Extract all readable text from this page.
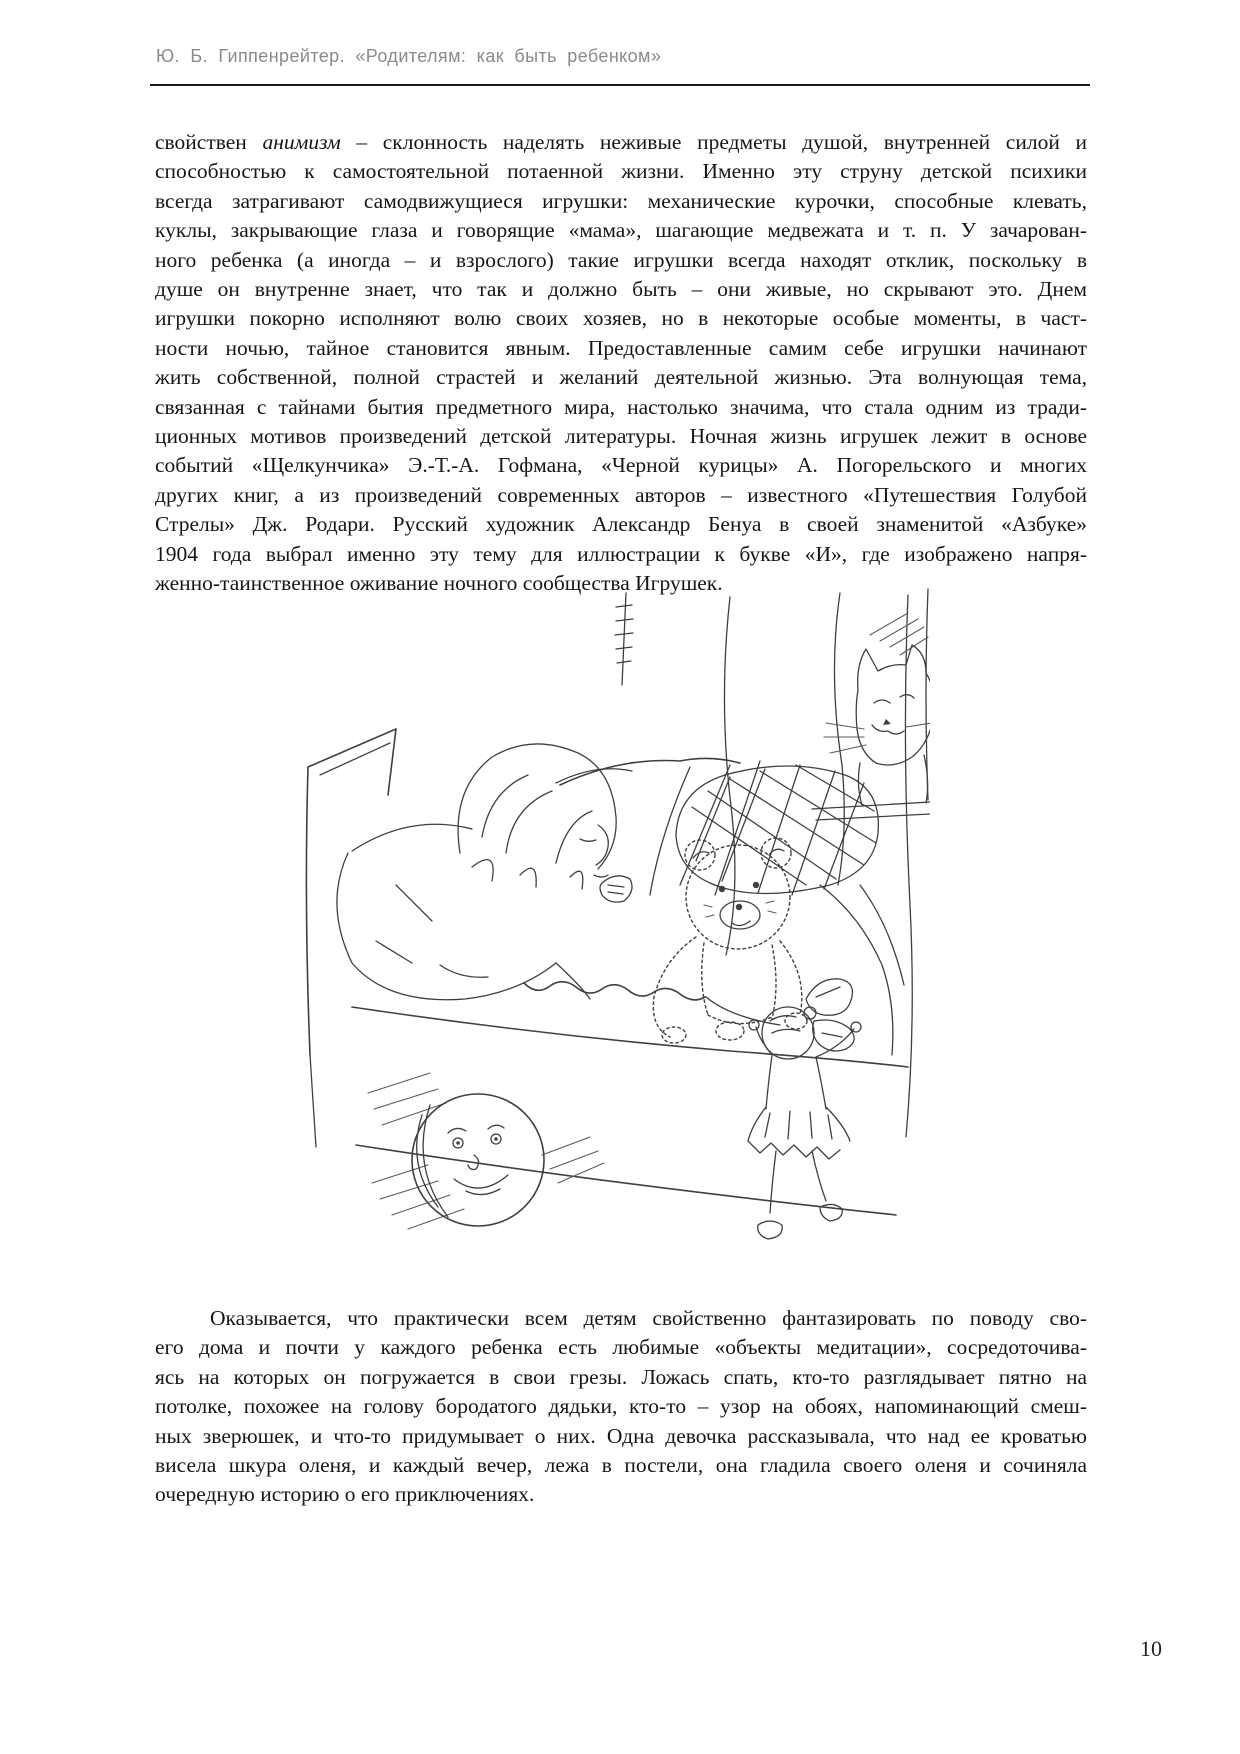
Ю. Б. Гиппенрейтер. «Родителям: как быть ребенком»
свойствен анимизм – склонность наделять неживые предметы душой, внутренней силой и
способностью к самостоятельной потаенной жизни. Именно эту струну детской психики
всегда затрагивают самодвижущиеся игрушки: механические курочки, способные клевать,
куклы, закрывающие глаза и говорящие «мама», шагающие медвежата и т. п. У зачарован-
ного ребенка (а иногда – и взрослого) такие игрушки всегда находят отклик, поскольку в
душе он внутренне знает, что так и должно быть – они живые, но скрывают это. Днем
игрушки покорно исполняют волю своих хозяев, но в некоторые особые моменты, в част-
ности ночью, тайное становится явным. Предоставленные самим себе игрушки начинают
жить собственной, полной страстей и желаний деятельной жизнью. Эта волнующая тема,
связанная с тайнами бытия предметного мира, настолько значима, что стала одним из тради-
ционных мотивов произведений детской литературы. Ночная жизнь игрушек лежит в основе
событий «Щелкунчика» Э.-Т.-А. Гофмана, «Черной курицы» А. Погорельского и многих
других книг, а из произведений современных авторов – известного «Путешествия Голубой
Стрелы» Дж. Родари. Русский художник Александр Бенуа в своей знаменитой «Азбуке»
1904 года выбрал именно эту тему для иллюстрации к букве «И», где изображено напря-
женно-таинственное оживание ночного сообщества Игрушек.
Оказывается, что практически всем детям свойственно фантазировать по поводу сво-
его дома и почти у каждого ребенка есть любимые «объекты медитации», сосредоточива-
ясь на которых он погружается в свои грезы. Ложась спать, кто-то разглядывает пятно на
потолке, похожее на голову бородатого дядьки, кто-то – узор на обоях, напоминающий смеш-
ных зверюшек, и что-то придумывает о них. Одна девочка рассказывала, что над ее кроватью
висела шкура оленя, и каждый вечер, лежа в постели, она гладила своего оленя и сочиняла
очередную историю о его приключениях.
10
